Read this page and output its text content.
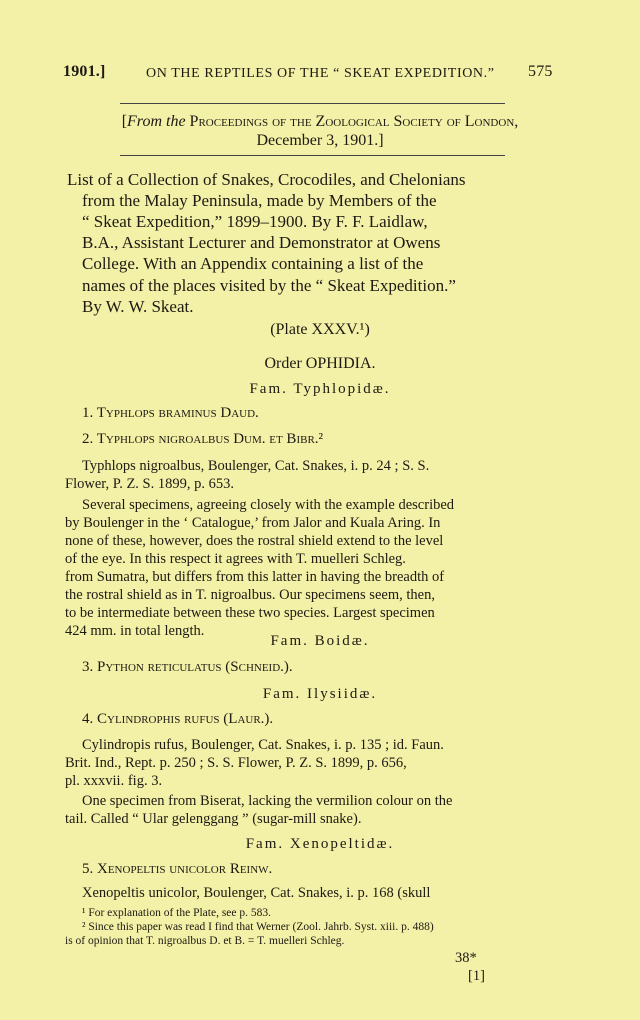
1901.]	ON THE REPTILES OF THE “ SKEAT EXPEDITION.” 575
[From the Proceedings of the Zoological Society of London,
December 3, 1901.]
List of a Collection of Snakes, Crocodiles, and Chelonians
from the Malay Peninsula, made by Members of the
“ Skeat Expedition,” 1899–1900. By F. F. Laidlaw,
B.A., Assistant Lecturer and Demonstrator at Owens
College. With an Appendix containing a list of the
names of the places visited by the “ Skeat Expedition.”
By W. W. Skeat.
(Plate XXXV.¹)
Order OPHIDIA.
Fam. Typhlopidæ.
1. Typhlops braminus Daud.
2. Typhlops nigroalbus Dum. et Bibr.²
Typhlops nigroalbus, Boulenger, Cat. Snakes, i. p. 24 ; S. S.
Flower, P. Z. S. 1899, p. 653.
Several specimens, agreeing closely with the example described
by Boulenger in the ‘ Catalogue,’ from Jalor and Kuala Aring. In
none of these, however, does the rostral shield extend to the level
of the eye. In this respect it agrees with T. muelleri Schleg.
from Sumatra, but differs from this latter in having the breadth of
the rostral shield as in T. nigroalbus. Our specimens seem, then,
to be intermediate between these two species. Largest specimen
424 mm. in total length.
Fam. Boidæ.
3. Python reticulatus (Schneid.).
Fam. Ilysiidæ.
4. Cylindrophis rufus (Laur.).
Cylindropis rufus, Boulenger, Cat. Snakes, i. p. 135 ; id. Faun.
Brit. Ind., Rept. p. 250 ; S. S. Flower, P. Z. S. 1899, p. 656,
pl. xxxvii. fig. 3.
One specimen from Biserat, lacking the vermilion colour on the
tail. Called “ Ular gelenggang ” (sugar-mill snake).
Fam. Xenopeltidæ.
5. Xenopeltis unicolor Reinw.
Xenopeltis unicolor, Boulenger, Cat. Snakes, i. p. 168 (skull
¹ For explanation of the Plate, see p. 583.
² Since this paper was read I find that Werner (Zool. Jahrb. Syst. xiii. p. 488)
is of opinion that T. nigroalbus D. et B. = T. muelleri Schleg.
38*
[1]
